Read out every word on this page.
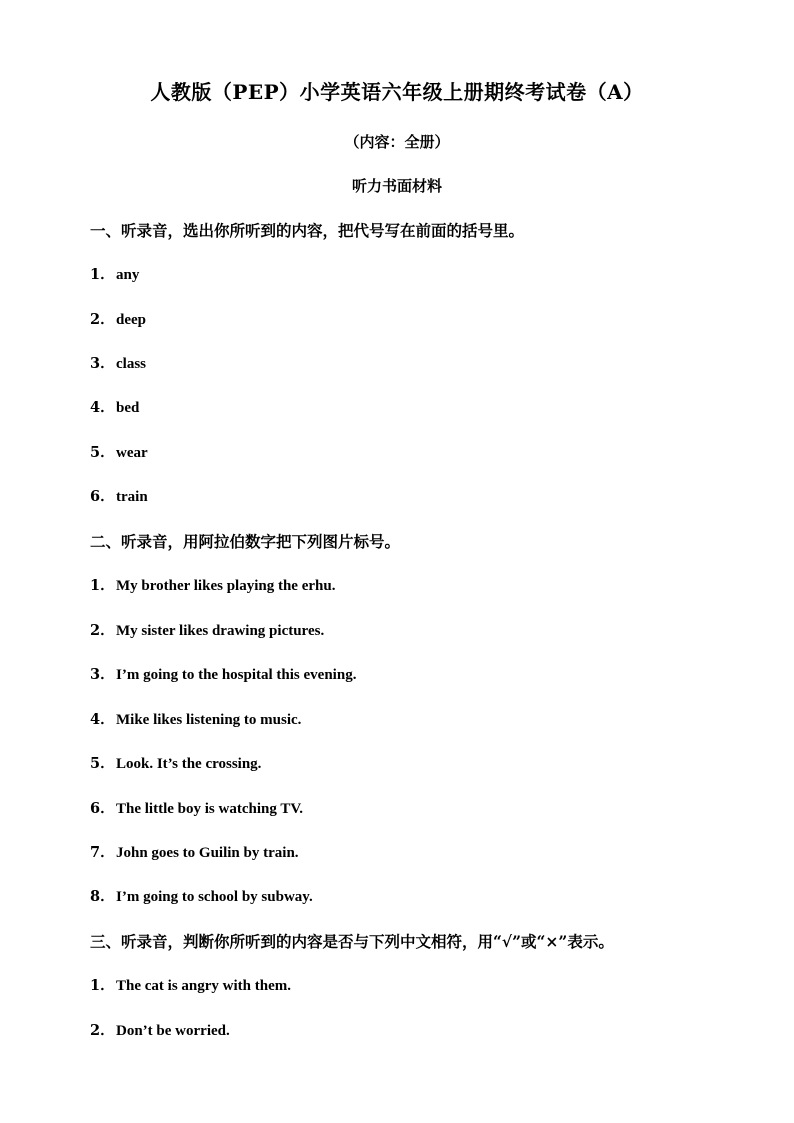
人教版（PEP）小学英语六年级上册期终考试卷（A）
（内容：全册）
听力书面材料
一、听录音，选出你所听到的内容，把代号写在前面的括号里。
1．any
2．deep
3．class
4．bed
5．wear
6．train
二、听录音，用阿拉伯数字把下列图片标号。
1．My brother likes playing the erhu.
2．My sister likes drawing pictures.
3．I’m going to the hospital this evening.
4．Mike likes listening to music.
5．Look. It’s the crossing.
6．The little boy is watching TV.
7．John goes to Guilin by train.
8．I’m going to school by subway.
三、听录音，判断你所听到的内容是否与下列中文相符，用“√”或“×”表示。
1．The cat is angry with them.
2．Don’t be worried.
